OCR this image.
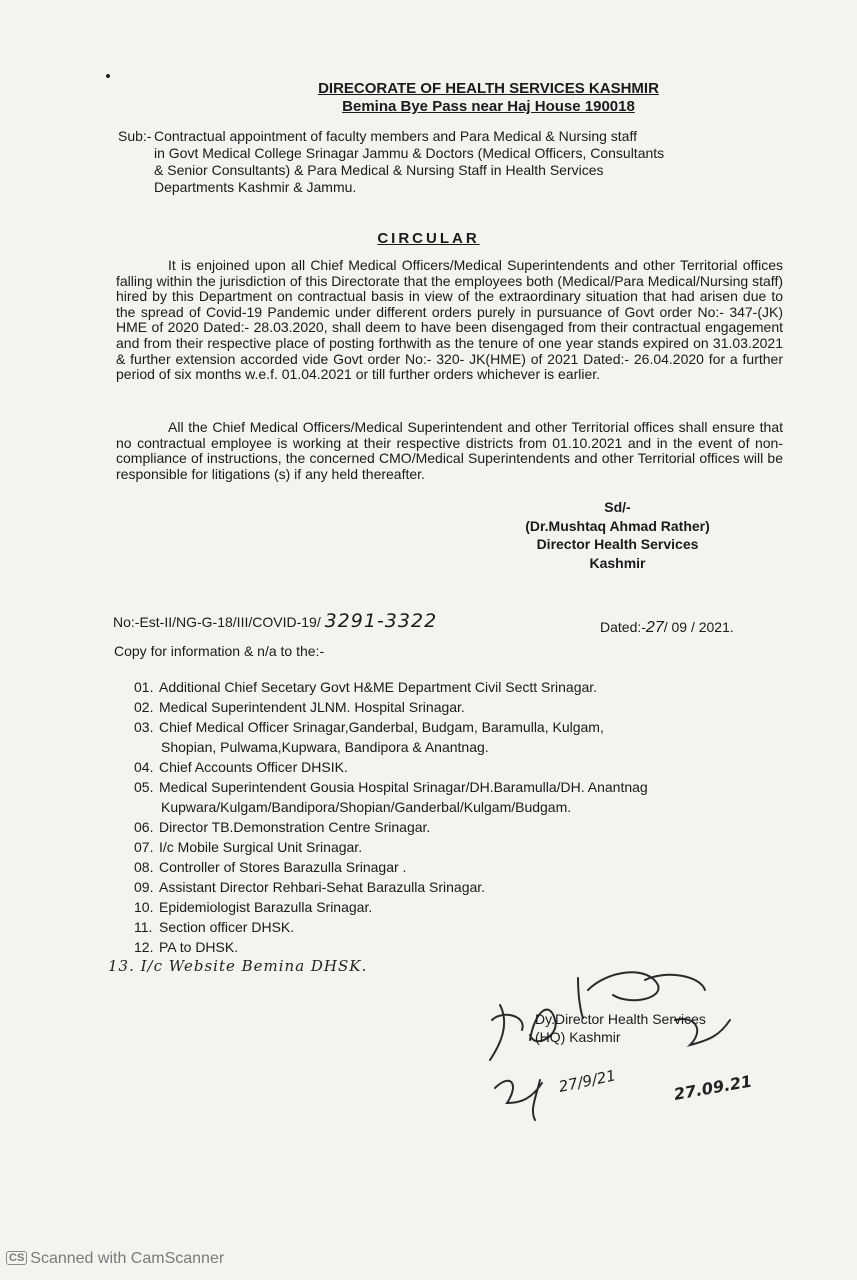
DIRECORATE OF HEALTH SERVICES KASHMIR
Bemina Bye Pass near Haj House 190018
Sub:- Contractual appointment of faculty members and Para Medical & Nursing staff
in Govt Medical College Srinagar Jammu & Doctors (Medical Officers, Consultants
& Senior Consultants) & Para Medical & Nursing Staff in Health Services
Departments Kashmir & Jammu.
CIRCULAR
It is enjoined upon all Chief Medical Officers/Medical Superintendents and other Territorial offices falling within the jurisdiction of this Directorate that the employees both (Medical/Para Medical/Nursing staff) hired by this Department on contractual basis in view of the extraordinary situation that had arisen due to the spread of Covid-19 Pandemic under different orders purely in pursuance of Govt order No:- 347-(JK) HME of 2020 Dated:- 28.03.2020, shall deem to have been disengaged from their contractual engagement and from their respective place of posting forthwith as the tenure of one year stands expired on 31.03.2021 & further extension accorded vide Govt order No:- 320- JK(HME) of 2021 Dated:- 26.04.2020 for a further period of six months w.e.f. 01.04.2021 or till further orders whichever is earlier.
All the Chief Medical Officers/Medical Superintendent and other Territorial offices shall ensure that no contractual employee is working at their respective districts from 01.10.2021 and in the event of non- compliance of instructions, the concerned CMO/Medical Superintendents and other Territorial offices will be responsible for litigations (s) if any held thereafter.
Sd/-
(Dr.Mushtaq Ahmad Rather)
Director Health Services
Kashmir
No:-Est-II/NG-G-18/III/COVID-19/ 3291-3322	Dated:-27/ 09 / 2021.
Copy for information & n/a to the:-
01. Additional Chief Secetary Govt H&ME Department Civil Sectt Srinagar.
02. Medical Superintendent JLNM. Hospital Srinagar.
03. Chief Medical Officer Srinagar,Ganderbal, Budgam, Baramulla, Kulgam,
Shopian, Pulwama,Kupwara, Bandipora & Anantnag.
04. Chief Accounts Officer DHSIK.
05. Medical Superintendent Gousia Hospital Srinagar/DH.Baramulla/DH. Anantnag
Kupwara/Kulgam/Bandipora/Shopian/Ganderbal/Kulgam/Budgam.
06. Director TB.Demonstration Centre Srinagar.
07. I/c Mobile Surgical Unit Srinagar.
08. Controller of Stores Barazulla Srinagar .
09. Assistant Director Rehbari-Sehat Barazulla Srinagar.
10. Epidemiologist Barazulla Srinagar.
11. Section officer DHSK.
12. PA to DHSK.
13. I/c Website Bemina DHSK.
27/9/21	27.09.21
Dy.Director Health Services
(HQ) Kashmir
CS Scanned with CamScanner
